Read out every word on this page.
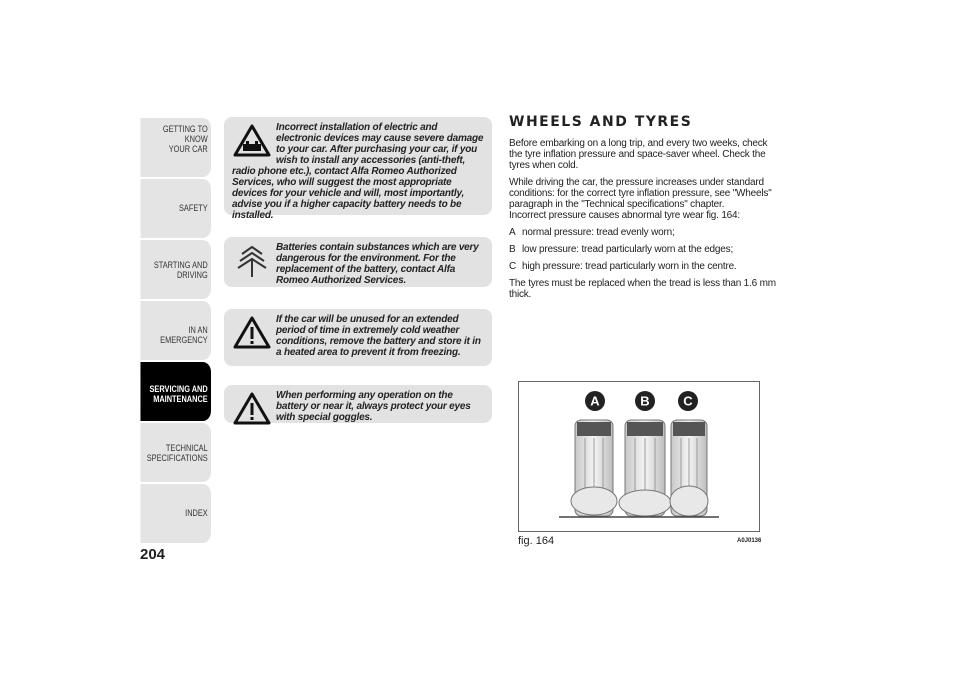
GETTING TO KNOW
YOUR CAR
SAFETY
STARTING AND
DRIVING
IN AN EMERGENCY
SERVICING AND
MAINTENANCE
TECHNICAL
SPECIFICATIONS
INDEX
204
Incorrect installation of electric and electronic devices may cause severe damage to your car. After purchasing your car, if you wish to install any accessories (anti-theft, radio phone etc.), contact Alfa Romeo Authorized Services, who will suggest the most appropriate devices for your vehicle and will, most importantly, advise you if a higher capacity battery needs to be installed.
Batteries contain substances which are very dangerous for the environment. For the replacement of the battery, contact Alfa Romeo Authorized Services.
If the car will be unused for an extended period of time in extremely cold weather conditions, remove the battery and store it in a heated area to prevent it from freezing.
When performing any operation on the battery or near it, always protect your eyes with special goggles.
WHEELS AND TYRES

Before embarking on a long trip, and every two weeks, check the tyre inflation pressure and space-saver wheel. Check the tyres when cold.

While driving the car, the pressure increases under standard conditions: for the correct tyre inflation pressure, see "Wheels" paragraph in the "Technical specifications" chapter.

Incorrect pressure causes abnormal tyre wear fig. 164:

A normal pressure: tread evenly worn;
B low pressure: tread particularly worn at the edges;
C high pressure: tread particularly worn in the centre.

The tyres must be replaced when the tread is less than 1.6 mm thick.

A	B	C
fig. 164	A0J0136
